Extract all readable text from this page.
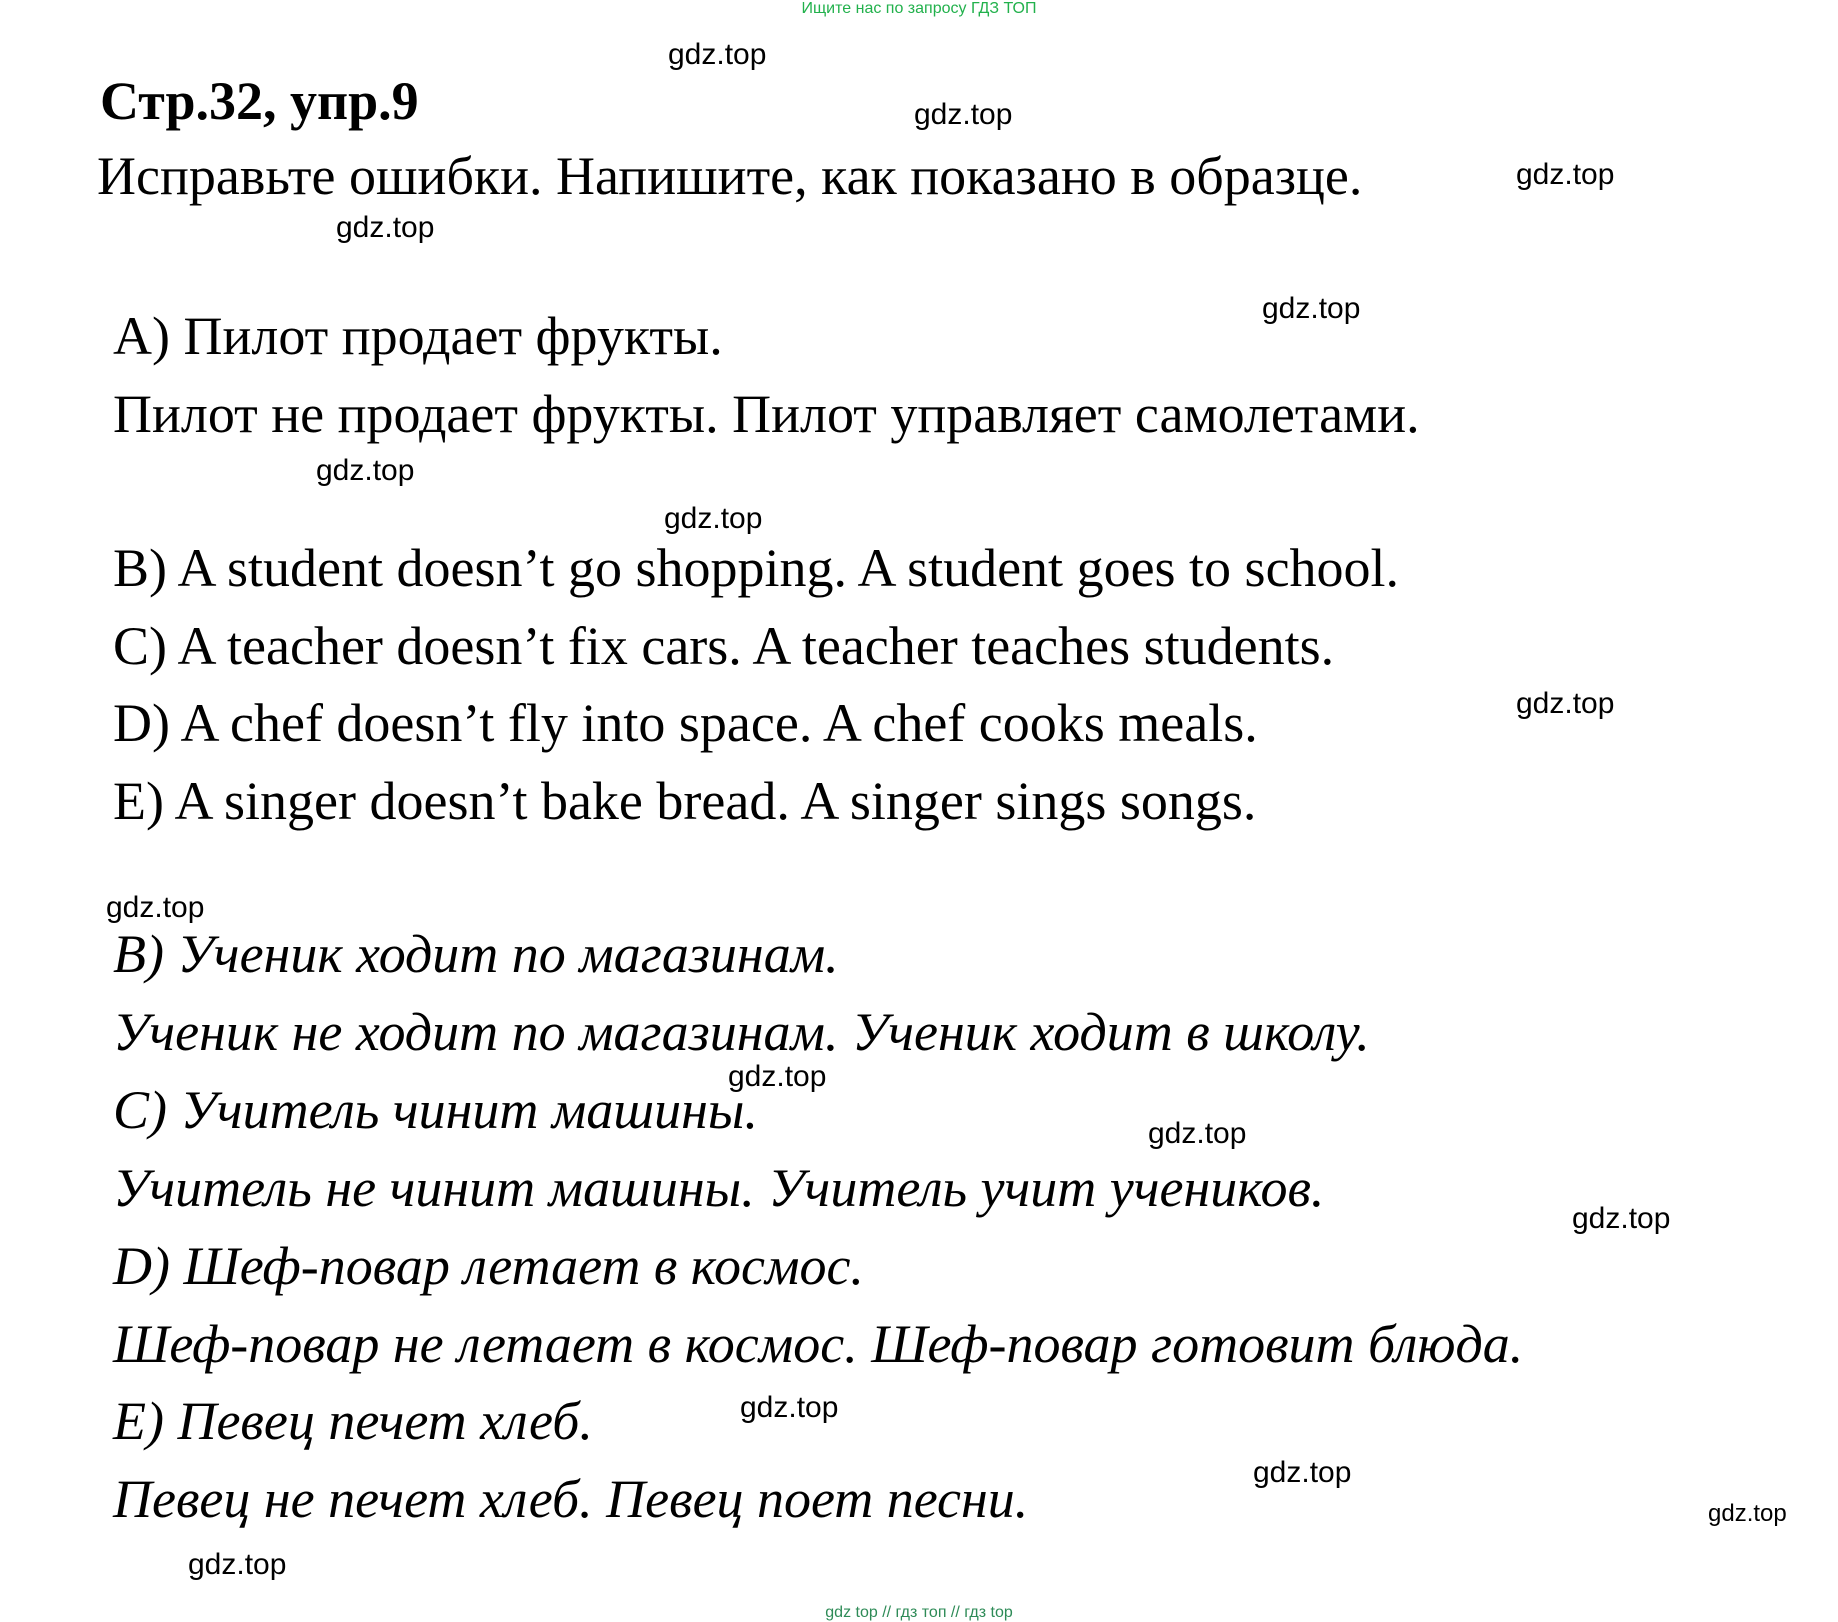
Ищите нас по запросу ГДЗ ТОП
Стр.32, упр.9
Исправьте ошибки. Напишите, как показано в образце.
A) Пилот продает фрукты.
Пилот не продает фрукты. Пилот управляет самолетами.
B) A student doesn’t go shopping. A student goes to school.
C) A teacher doesn’t fix cars. A teacher teaches students.
D) A chef doesn’t fly into space. A chef cooks meals.
E) A singer doesn’t bake bread. A singer sings songs.
B) Ученик ходит по магазинам.
Ученик не ходит по магазинам. Ученик ходит в школу.
C) Учитель чинит машины.
Учитель не чинит машины. Учитель учит учеников.
D) Шеф-повар летает в космос.
Шеф-повар не летает в космос. Шеф-повар готовит блюда.
E) Певец печет хлеб.
Певец не печет хлеб. Певец поет песни.
gdz.top
gdz.top
gdz.top
gdz.top
gdz.top
gdz.top
gdz.top
gdz.top
gdz.top
gdz.top
gdz.top
gdz.top
gdz.top
gdz.top
gdz.top
gdz.top
gdz top // гдз топ // гдз top
